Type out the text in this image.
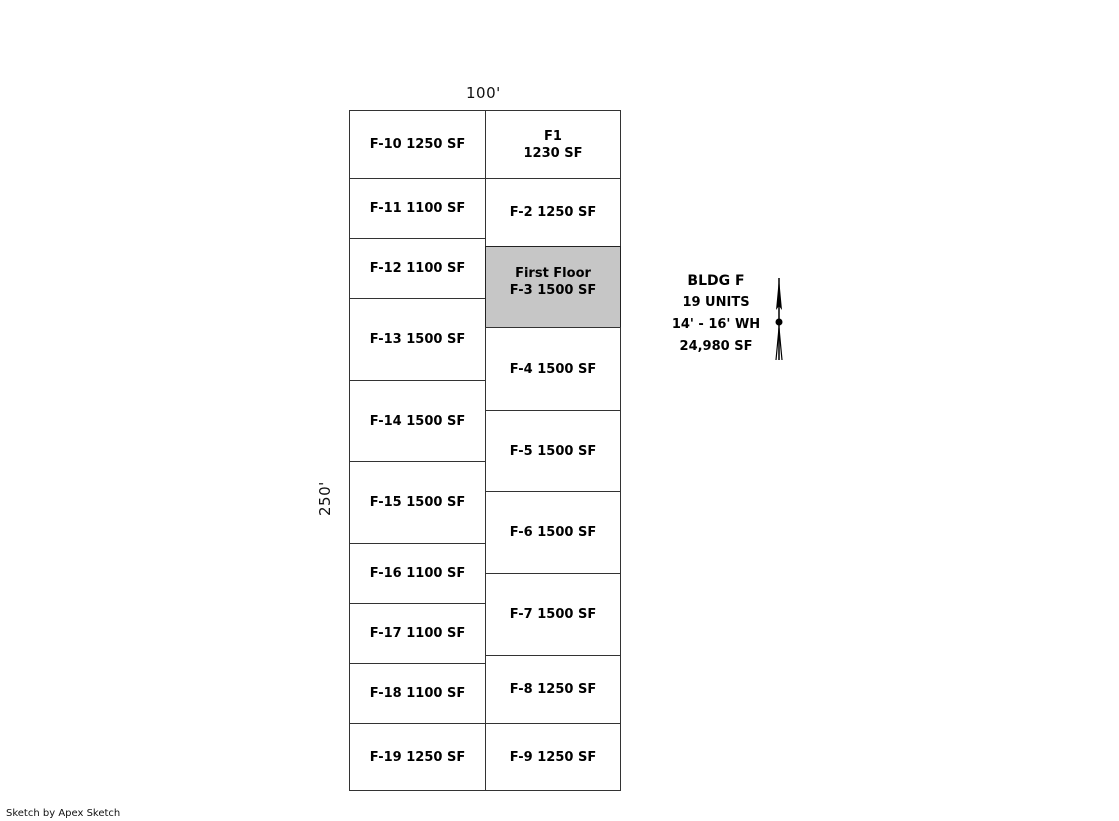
100'
250'
F-10 1250 SF
F-11 1100 SF
F-12 1100 SF
F-13 1500 SF
F-14 1500 SF
F-15 1500 SF
F-16 1100 SF
F-17 1100 SF
F-18 1100 SF
F-19 1250 SF
F1
1230 SF
F-2 1250 SF
First Floor
F-3 1500 SF
F-4 1500 SF
F-5 1500 SF
F-6 1500 SF
F-7 1500 SF
F-8 1250 SF
F-9 1250 SF
BLDG F
19 UNITS
14' - 16' WH
24,980 SF
Sketch by Apex Sketch
